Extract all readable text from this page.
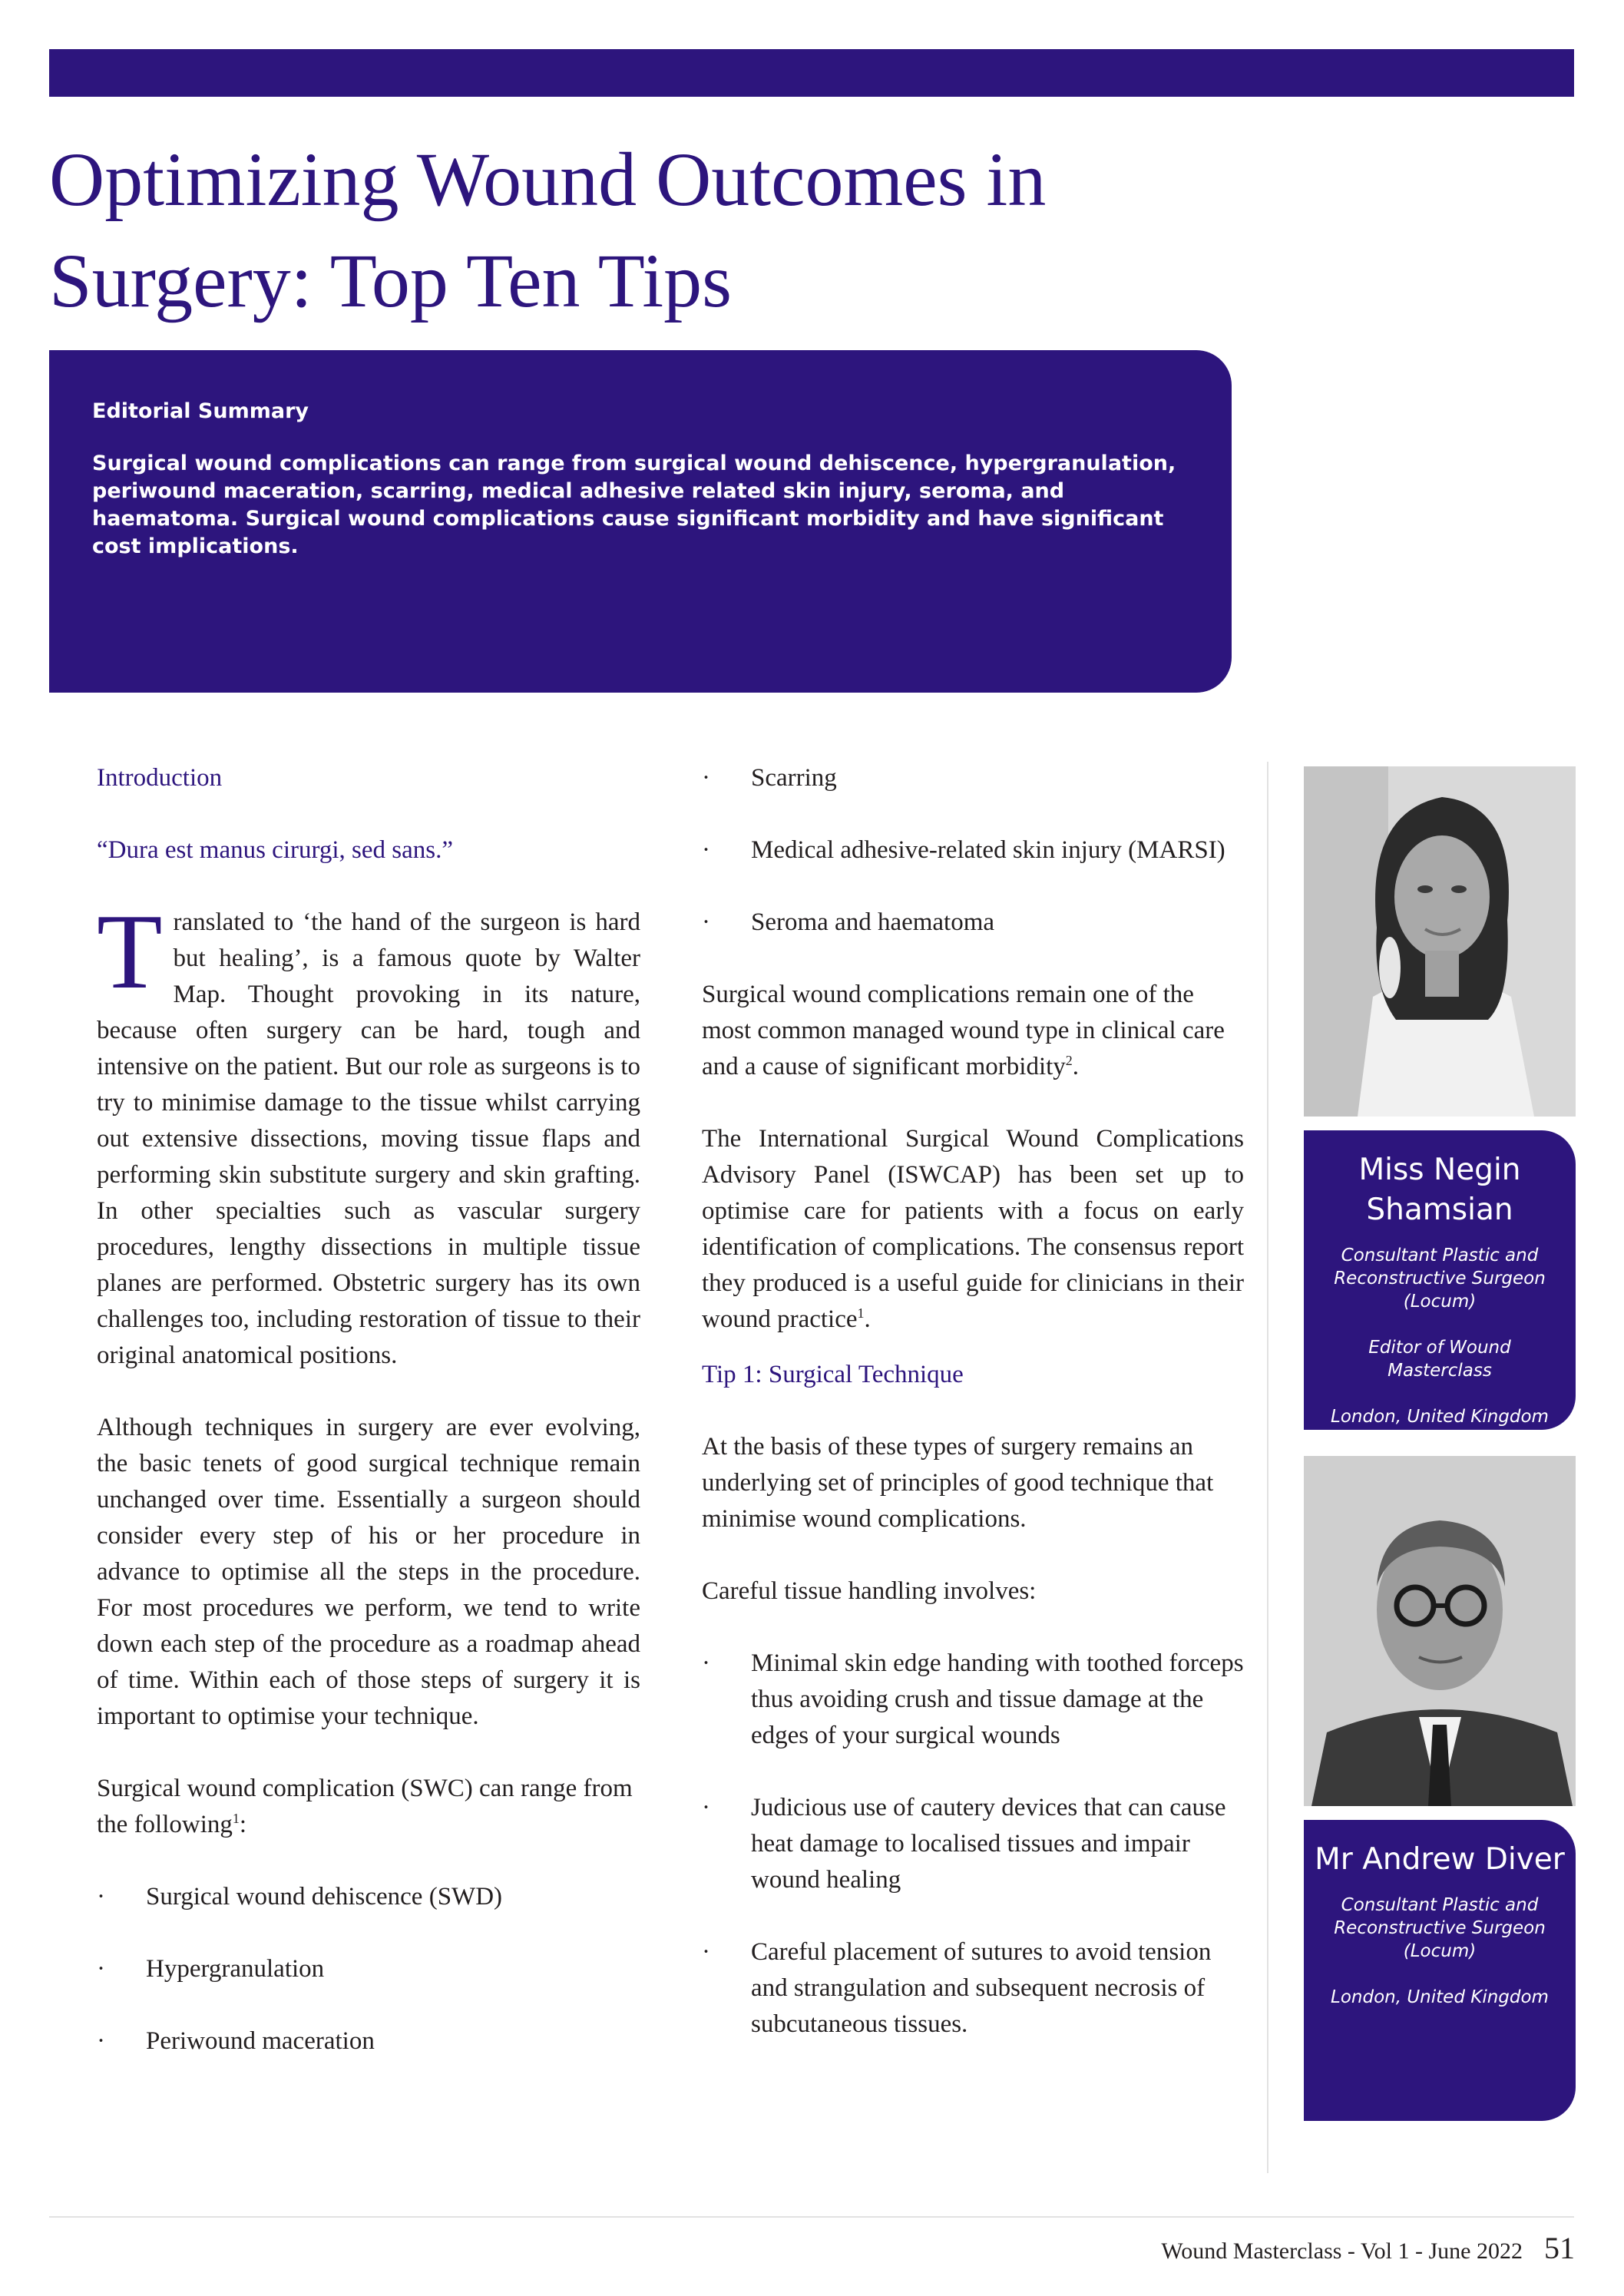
Optimizing Wound Outcomes in
Surgery: Top Ten Tips

Editorial Summary

Surgical wound complications can range from surgical wound dehiscence, hypergranulation, periwound maceration, scarring, medical adhesive related skin injury, seroma, and haematoma. Surgical wound complications cause significant morbidity and have significant cost implications.

Introduction

“Dura est manus cirurgi, sed sans.”

Translated to ‘the hand of the surgeon is hard but healing’, is a famous quote by Walter Map. Thought provoking in its nature, because often surgery can be hard, tough and intensive on the patient. But our role as surgeons is to try to minimise damage to the tissue whilst carrying out extensive dissections, moving tissue flaps and performing skin substitute surgery and skin grafting. In other specialties such as vascular surgery procedures, lengthy dissections in multiple tissue planes are performed. Obstetric surgery has its own challenges too, including restoration of tissue to their original anatomical positions.

Although techniques in surgery are ever evolving, the basic tenets of good surgical technique remain unchanged over time. Essentially a surgeon should consider every step of his or her procedure in advance to optimise all the steps in the procedure. For most procedures we perform, we tend to write down each step of the procedure as a roadmap ahead of time. Within each of those steps of surgery it is important to optimise your technique.

Surgical wound complication (SWC) can range from the following$^1$:

· Surgical wound dehiscence (SWD)
· Hypergranulation
· Periwound maceration
· Scarring
· Medical adhesive-related skin injury (MARSI)
· Seroma and haematoma

Surgical wound complications remain one of the most common managed wound type in clinical care and a cause of significant morbidity$^2$.

The International Surgical Wound Complications Advisory Panel (ISWCAP) has been set up to optimise care for patients with a focus on early identification of complications. The consensus report they produced is a useful guide for clinicians in their wound practice$^1$.

Tip 1: Surgical Technique

At the basis of these types of surgery remains an underlying set of principles of good technique that minimise wound complications.

Careful tissue handling involves:

· Minimal skin edge handing with toothed forceps thus avoiding crush and tissue damage at the edges of your surgical wounds
· Judicious use of cautery devices that can cause heat damage to localised tissues and impair wound healing
· Careful placement of sutures to avoid tension and strangulation and subsequent necrosis of subcutaneous tissues.

Miss Negin Shamsian

Consultant Plastic and Reconstructive Surgeon (Locum)

Editor of Wound Masterclass

London, United Kingdom

Mr Andrew Diver

Consultant Plastic and Reconstructive Surgeon (Locum)

London, United Kingdom

Wound Masterclass - Vol 1 - June 2022 51
